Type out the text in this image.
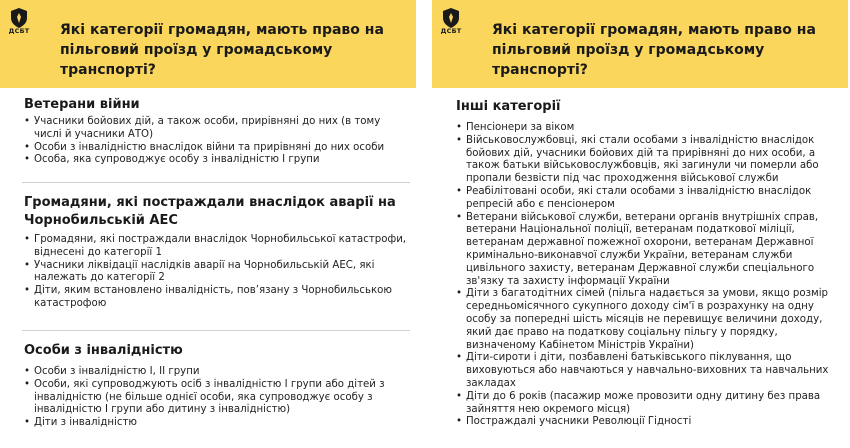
ДСБТ Які категорії громадян, мають право на пільговий проїзд у громадському транспорті?
Ветерани війни
• Учасники бойових дій, а також особи, прирівняні до них (в тому числі й учасники АТО)
• Особи з інвалідністю внаслідок війни та прирівняні до них особи
• Особа, яка супроводжує особу з інвалідністю I групи
Громадяни, які постраждали внаслідок аварії на Чорнобильській АЕС
• Громадяни, які постраждали внаслідок Чорнобильської катастрофи, віднесені до категорії 1
• Учасники ліквідації наслідків аварії на Чорнобильській АЕС, які належать до категорії 2
• Діти, яким встановлено інвалідність, пов’язану з Чорнобильською катастрофою
Особи з інвалідністю
• Особи з інвалідністю I, II групи
• Особи, які супроводжують осіб з інвалідністю I групи або дітей з інвалідністю (не більше однієї особи, яка супроводжує особу з інвалідністю I групи або дитину з інвалідністю)
• Діти з інвалідністю
ДСБТ Які категорії громадян, мають право на пільговий проїзд у громадському транспорті?
Інші категорії
• Пенсіонери за віком
• Військовослужбовці, які стали особами з інвалідністю внаслідок бойових дій, учасники бойових дій та прирівняні до них особи, а також батьки військовослужбовців, які загинули чи померли або пропали безвісти під час проходження військової служби
• Реабілітовані особи, які стали особами з інвалідністю внаслідок репресій або є пенсіонером
• Ветерани військової служби, ветерани органів внутрішніх справ, ветерани Національної поліції, ветеранам податкової міліції, ветеранам державної пожежної охорони, ветеранам Державної кримінально-виконавчої служби України, ветеранам служби цивільного захисту, ветеранам Державної служби спеціального зв'язку та захисту інформації України
• Діти з багатодітних сімей (пільга надається за умови, якщо розмір середньомісячного сукупного доходу сім'ї в розрахунку на одну особу за попередні шість місяців не перевищує величини доходу, який дає право на податкову соціальну пільгу у порядку, визначеному Кабінетом Міністрів України)
• Діти-сироти і діти, позбавлені батьківського піклування, що виховуються або навчаються у навчально-виховних та навчальних закладах
• Діти до 6 років (пасажир може провозити одну дитину без права зайняття нею окремого місця)
• Постраждалі учасники Революції Гідності
